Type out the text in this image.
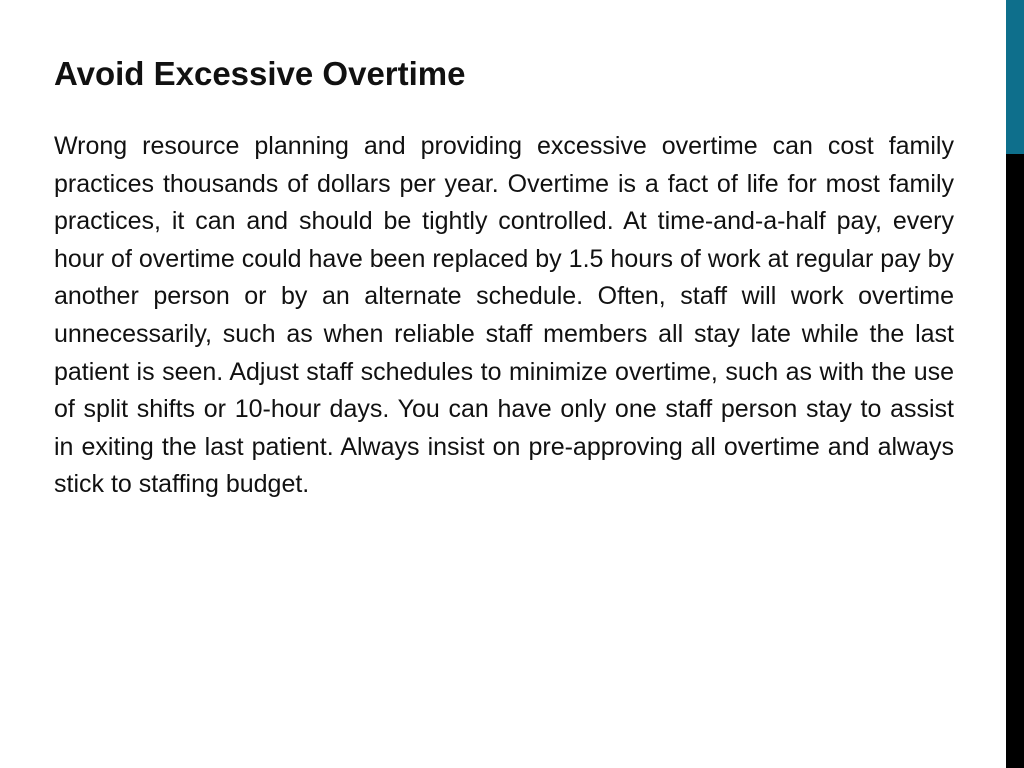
Avoid Excessive Overtime

Wrong resource planning and providing excessive overtime can cost family practices thousands of dollars per year. Overtime is a fact of life for most family practices, it can and should be tightly controlled. At time-and-a-half pay, every hour of overtime could have been replaced by 1.5 hours of work at regular pay by another person or by an alternate schedule. Often, staff will work overtime unnecessarily, such as when reliable staff members all stay late while the last patient is seen. Adjust staff schedules to minimize overtime, such as with the use of split shifts or 10-hour days. You can have only one staff person stay to assist in exiting the last patient. Always insist on pre-approving all overtime and always stick to staffing budget.
